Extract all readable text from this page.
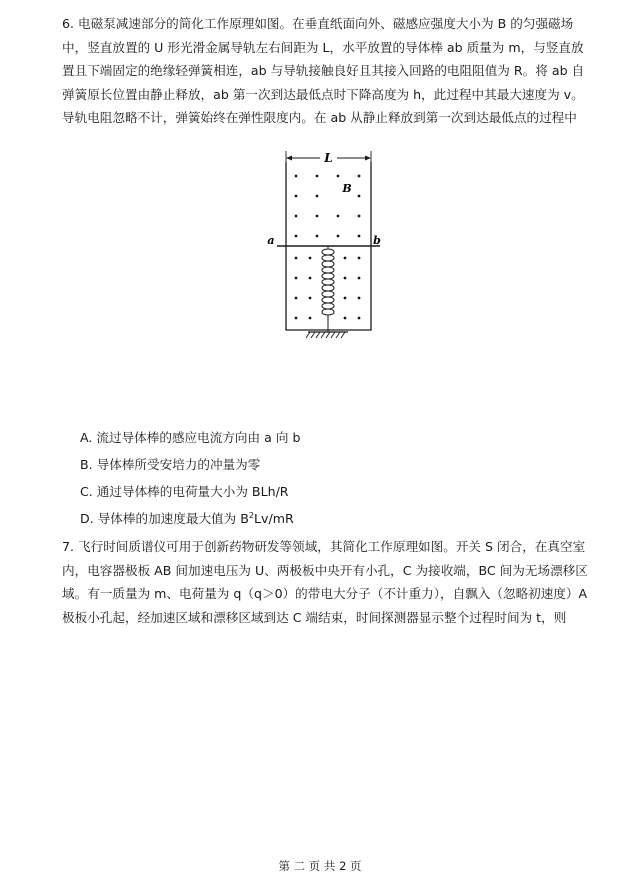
6. 电磁泵减速部分的简化工作原理如图。在垂直纸面向外、磁感应强度大小为 B 的匀强磁场中，竖直放置的 U 形光滑金属导轨左右间距为 L，水平放置的导体棒 ab 质量为 m，与竖直放置且下端固定的绝缘轻弹簧相连，ab 与导轨接触良好且其接入回路的电阻阻值为 R。将 ab 自弹簧原长位置由静止释放，ab 第一次到达最低点时下降高度为 h，此过程中其最大速度为 v。导轨电阻忽略不计，弹簧始终在弹性限度内。在 ab 从静止释放到第一次到达最低点的过程中

L
B
a	b

A. 流过导体棒的感应电流方向由 a 向 b

B. 导体棒所受安培力的冲量为零

C. 通过导体棒的电荷量大小为 BLh/R

D. 导体棒的加速度最大值为 $B^2Lv/mR$

7. 飞行时间质谱仪可用于创新药物研发等领域，其简化工作原理如图。开关 S 闭合，在真空室内，电容器极板 AB 间加速电压为 U、两极板中央开有小孔，C 为接收端，BC 间为无场漂移区域。有一质量为 m、电荷量为 q（q＞0）的带电大分子（不计重力），自飘入（忽略初速度）A 极板小孔起，经加速区域和漂移区域到达 C 端结束，时间探测器显示整个过程时间为 t，则

第 二 页 共 2 页
